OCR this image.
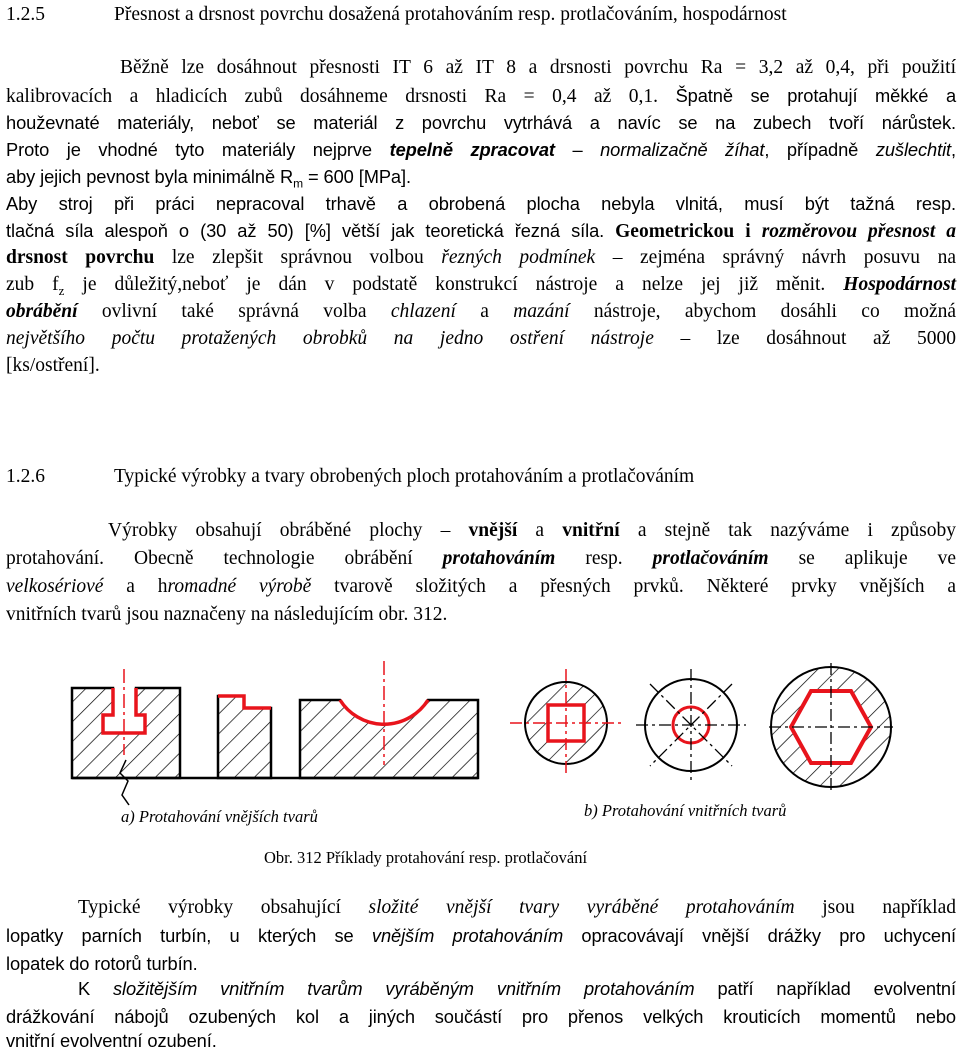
1.2.5	Přesnost a drsnost povrchu dosažená protahováním resp. protlačováním, hospodárnost
Běžně lze dosáhnout přesnosti IT 6 až IT 8 a drsnosti povrchu Ra = 3,2 až 0,4, při použití
kalibrovacích a hladicích zubů dosáhneme drsnosti Ra = 0,4 až 0,1. Špatně se protahují měkké a
houževnaté materiály, neboť se materiál z povrchu vytrhává a navíc se na zubech tvoří nárůstek.
Proto je vhodné tyto materiály nejprve tepelně zpracovat – normalizačně žíhat, případně zušlechtit,
aby jejich pevnost byla minimálně $R_m = 600$ [MPa].
Aby stroj při práci nepracoval trhavě a obrobená plocha nebyla vlnitá, musí být tažná resp.
tlačná síla alespoň o (30 až 50) [%] větší jak teoretická řezná síla. Geometrickou i rozměrovou přesnost a
drsnost povrchu lze zlepšit správnou volbou řezných podmínek – zejména správný návrh posuvu na
zub $f_z$ je důležitý,neboť je dán v podstatě konstrukcí nástroje a nelze jej již měnit. Hospodárnost
obrábění ovlivní také správná volba chlazení a mazání nástroje, abychom dosáhli co možná
největšího počtu protažených obrobků na jedno ostření nástroje – lze dosáhnout až 5000
[ks/ostření].
1.2.6	Typické výrobky a tvary obrobených ploch protahováním a protlačováním
Výrobky obsahují obráběné plochy – vnější a vnitřní a stejně tak nazýváme i způsoby
protahování. Obecně technologie obrábění protahováním resp. protlačováním se aplikuje ve
velkosériové a hromadné výrobě tvarově složitých a přesných prvků. Některé prvky vnějších a
vnitřních tvarů jsou naznačeny na následujícím obr. 312.
a) Protahování vnějších tvarů	b) Protahování vnitřních tvarů
Obr. 312 Příklady protahování resp. protlačování
Typické výrobky obsahující složité vnější tvary vyráběné protahováním jsou například
lopatky parních turbín, u kterých se vnějším protahováním opracovávají vnější drážky pro uchycení
lopatek do rotorů turbín.
K složitějším vnitřním tvarům vyráběným vnitřním protahováním patří například evolventní
drážkování nábojů ozubených kol a jiných součástí pro přenos velkých krouticích momentů nebo
vnitřní evolventní ozubení.
